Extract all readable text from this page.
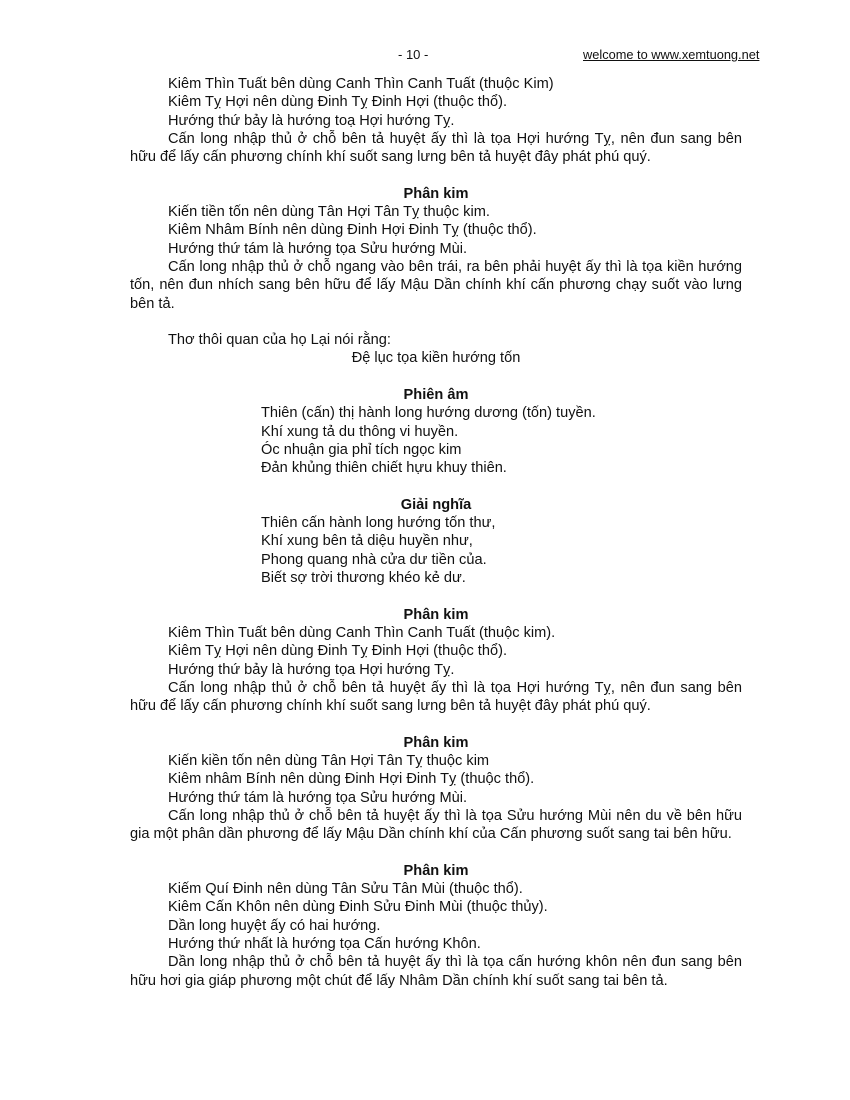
- 10 -	welcome to www.xemtuong.net
Kiêm Thìn Tuất bên dùng Canh Thìn Canh Tuất (thuộc Kim)
Kiêm Tỵ Hợi nên dùng Đinh Tỵ Đinh Hợi (thuộc thổ).
Hướng thứ bảy là hướng toạ Hợi hướng Tỵ.
Cấn long nhập thủ ở chỗ bên tả huyệt ấy thì là tọa Hợi hướng Tỵ, nên đun sang bên hữu để lấy cấn phương chính khí suốt sang lưng bên tả huyệt đây phát phú quý.
Phân kim
Kiến tiền tốn nên dùng Tân Hợi Tân Tỵ thuộc kim.
Kiêm Nhâm Bính nên dùng Đinh Hợi Đinh Tỵ (thuộc thổ).
Hướng thứ tám là hướng tọa Sửu hướng Mùi.
Cấn long nhập thủ ở chỗ ngang vào bên trái, ra bên phải huyệt ấy thì là tọa kiền hướng tốn, nên đun nhích sang bên hữu để lấy Mậu Dần chính khí cấn phương chạy suốt vào lưng bên tả.
Thơ thôi quan của họ Lại nói rằng:
Đệ lục tọa kiền hướng tốn
Phiên âm
Thiên (cấn) thị hành long hướng dương (tốn) tuyền.
Khí xung tả du thông vi huyền.
Óc nhuận gia phỉ tích ngọc kim
Đản khủng thiên chiết hựu khuy thiên.
Giải nghĩa
Thiên cấn hành long hướng tốn thư,
Khí xung bên tả diệu huyền như,
Phong quang nhà cửa dư tiền của.
Biết sợ trời thương khéo kẻ dư.
Phân kim
Kiêm Thìn Tuất bên dùng Canh Thìn Canh Tuất (thuộc kim).
Kiêm Tỵ Hợi nên dùng Đinh Tỵ Đinh Hợi (thuộc thổ).
Hướng thứ bảy là hướng tọa Hợi hướng Tỵ.
Cấn long nhập thủ ở chỗ bên tả huyệt ấy thì là tọa Hợi hướng Tỵ, nên đun sang bên hữu để lấy cấn phương chính khí suốt sang lưng bên tả huyệt đây phát phú quý.
Phân kim
Kiến kiền tốn nên dùng Tân Hợi Tân Tỵ thuộc kim
Kiêm nhâm Bính nên dùng Đinh Hợi Đinh Tỵ (thuộc thổ).
Hướng thứ tám là hướng tọa Sửu hướng Mùi.
Cấn long nhập thủ ở chỗ bên tả huyệt ấy thì là tọa Sửu hướng Mùi nên du về bên hữu gia một phân dần phương để lấy Mậu Dần chính khí của Cấn phương suốt sang tai bên hữu.
Phân kim
Kiếm Quí Đinh nên dùng Tân Sửu Tân Mùi (thuộc thổ).
Kiêm Cấn Khôn nên dùng Đinh Sửu Đinh Mùi (thuộc thủy).
Dần long huyệt ấy có hai hướng.
Hướng thứ nhất là hướng tọa Cấn hướng Khôn.
Dần long nhập thủ ở chỗ bên tả huyệt ấy thì là tọa cấn hướng khôn nên đun sang bên hữu hơi gia giáp phương một chút để lấy Nhâm Dần chính khí suốt sang tai bên tả.
